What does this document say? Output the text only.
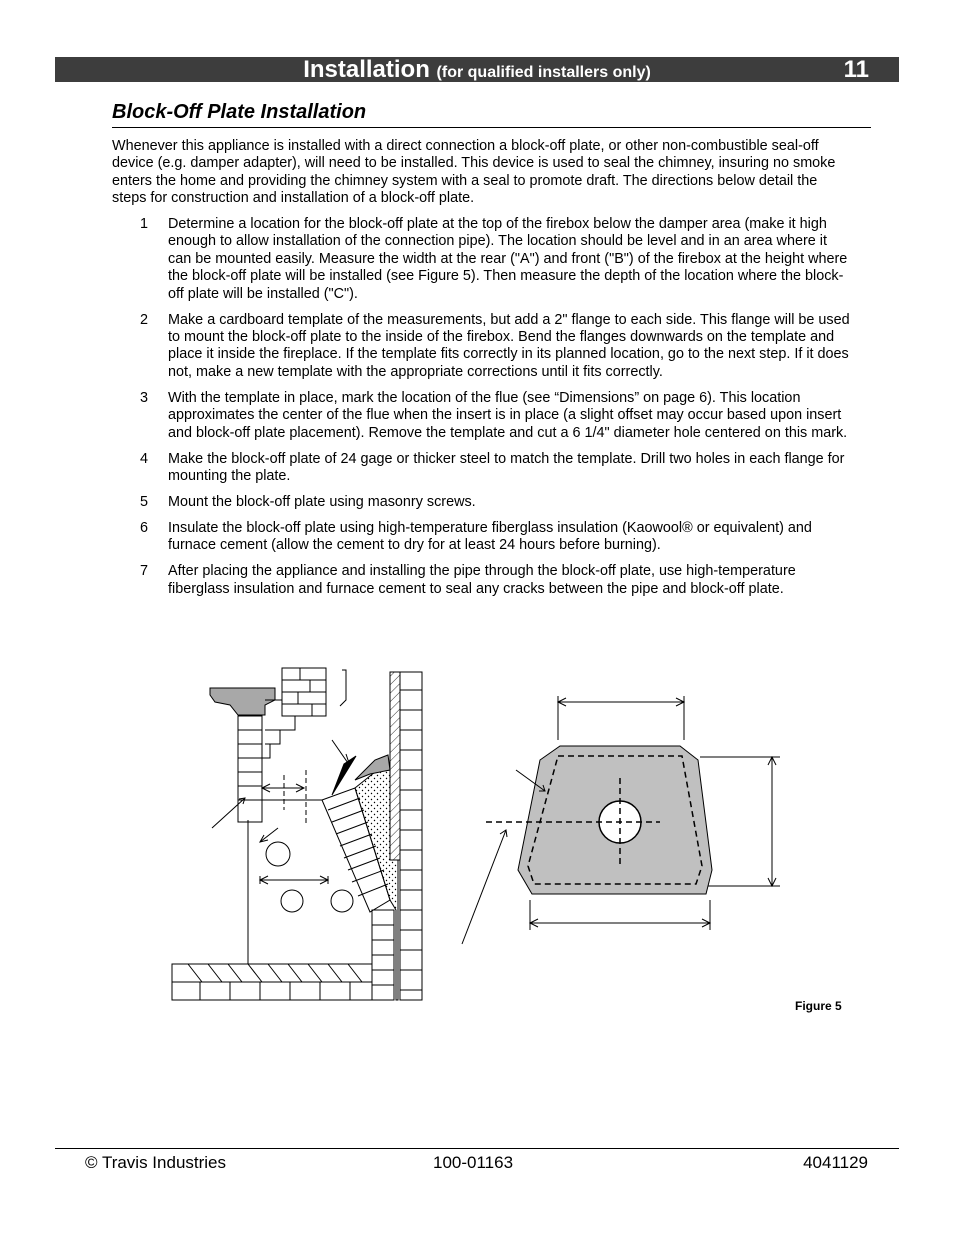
Installation (for qualified installers only)	11
Block-Off Plate Installation
Whenever this appliance is installed with a direct connection a block-off plate, or other non-combustible seal-off device (e.g. damper adapter), will need to be installed. This device is used to seal the chimney, insuring no smoke enters the home and providing the chimney system with a seal to promote draft. The directions below detail the steps for construction and installation of a block-off plate.
1 Determine a location for the block-off plate at the top of the firebox below the damper area (make it high enough to allow installation of the connection pipe). The location should be level and in an area where it can be mounted easily. Measure the width at the rear ("A") and front ("B") of the firebox at the height where the block-off plate will be installed (see Figure 5). Then measure the depth of the location where the block-off plate will be installed ("C").
2 Make a cardboard template of the measurements, but add a 2" flange to each side. This flange will be used to mount the block-off plate to the inside of the firebox. Bend the flanges downwards on the template and place it inside the fireplace. If the template fits correctly in its planned location, go to the next step. If it does not, make a new template with the appropriate corrections until it fits correctly.
3 With the template in place, mark the location of the flue (see “Dimensions” on page 6). This location approximates the center of the flue when the insert is in place (a slight offset may occur based upon insert and block-off plate placement). Remove the template and cut a 6 1/4" diameter hole centered on this mark.
4 Make the block-off plate of 24 gage or thicker steel to match the template. Drill two holes in each flange for mounting the plate.
5 Mount the block-off plate using masonry screws.
6 Insulate the block-off plate using high-temperature fiberglass insulation (Kaowool® or equivalent) and furnace cement (allow the cement to dry for at least 24 hours before burning).
7 After placing the appliance and installing the pipe through the block-off plate, use high-temperature fiberglass insulation and furnace cement to seal any cracks between the pipe and block-off plate.
Figure 5
© Travis Industries	100-01163	4041129
